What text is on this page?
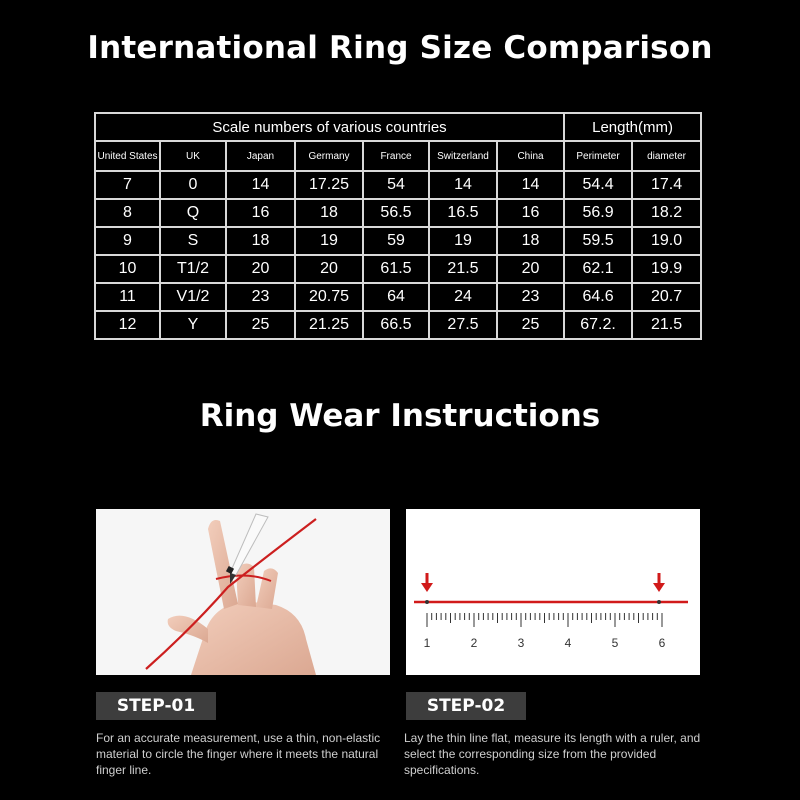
International Ring Size Comparison
Scale numbers of various countries							Length(mm)	
United States	UK	Japan	Germany	France	Switzerland	China	Perimeter	diameter
7	0	14	17.25	54	14	14	54.4	17.4
8	Q	16	18	56.5	16.5	16	56.9	18.2
9	S	18	19	59	19	18	59.5	19.0
10	T1/2	20	20	61.5	21.5	20	62.1	19.9
11	V1/2	23	20.75	64	24	23	64.6	20.7
12	Y	25	21.25	66.5	27.5	25	67.2.	21.5
Ring Wear Instructions
1	2	3	4	5	6
STEP-01	STEP-02
For an accurate measurement, use a thin, non-elastic material to circle the finger where it meets the natural finger line.
Lay the thin line flat, measure its length with a ruler, and select the corresponding size from the provided specifications.
